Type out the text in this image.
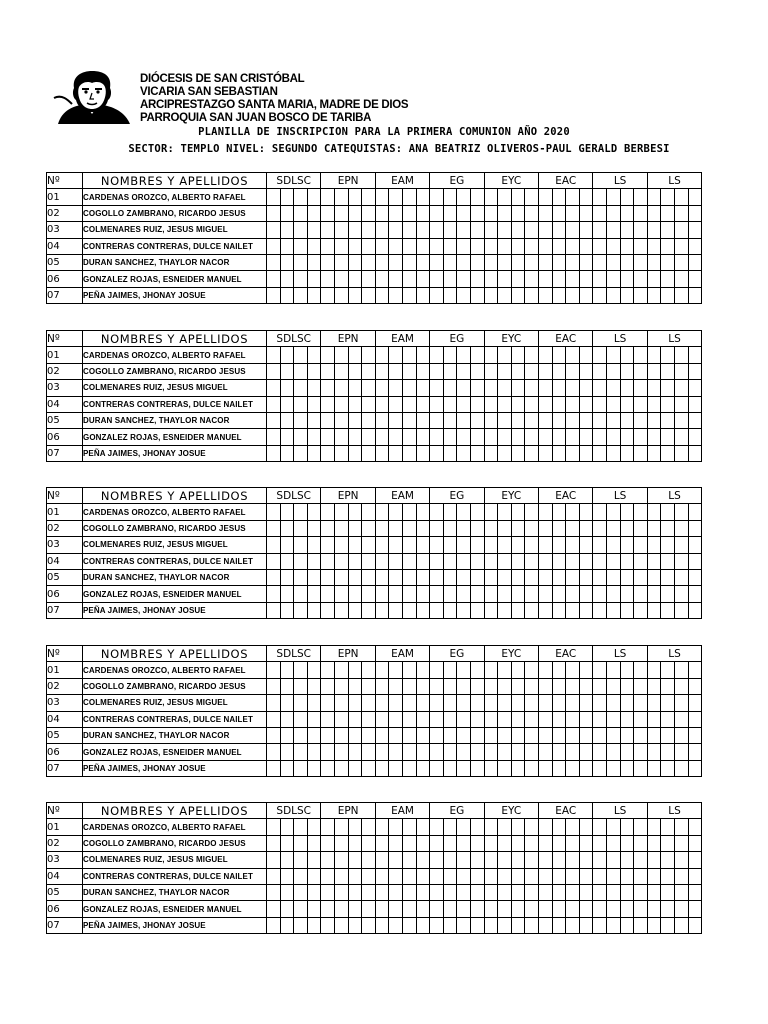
DIÓCESIS DE SAN CRISTÓBAL
VICARIA SAN SEBASTIAN
ARCIPRESTAZGO SANTA MARIA, MADRE DE DIOS
PARROQUIA SAN JUAN BOSCO DE TARIBA
PLANILLA DE INSCRIPCION PARA LA PRIMERA COMUNION AÑO 2020
SECTOR: TEMPLO NIVEL: SEGUNDO CATEQUISTAS: ANA BEATRIZ OLIVEROS-PAUL GERALD BERBESI
Nº	NOMBRES Y APELLIDOS	SDLSC				EPN				EAM				EG				EYC				EAC				LS				LS			
01	CARDENAS OROZCO, ALBERTO RAFAEL																																
02	COGOLLO ZAMBRANO, RICARDO JESUS																																
03	COLMENARES RUIZ, JESUS MIGUEL																																
04	CONTRERAS CONTRERAS, DULCE NAILET																																
05	DURAN SANCHEZ, THAYLOR NACOR																																
06	GONZALEZ ROJAS, ESNEIDER MANUEL																																
07	PEÑA JAIMES, JHONAY JOSUE																																
Nº	NOMBRES Y APELLIDOS	SDLSC				EPN				EAM				EG				EYC				EAC				LS				LS			
01	CARDENAS OROZCO, ALBERTO RAFAEL																																
02	COGOLLO ZAMBRANO, RICARDO JESUS																																
03	COLMENARES RUIZ, JESUS MIGUEL																																
04	CONTRERAS CONTRERAS, DULCE NAILET																																
05	DURAN SANCHEZ, THAYLOR NACOR																																
06	GONZALEZ ROJAS, ESNEIDER MANUEL																																
07	PEÑA JAIMES, JHONAY JOSUE																																
Nº	NOMBRES Y APELLIDOS	SDLSC				EPN				EAM				EG				EYC				EAC				LS				LS			
01	CARDENAS OROZCO, ALBERTO RAFAEL																																
02	COGOLLO ZAMBRANO, RICARDO JESUS																																
03	COLMENARES RUIZ, JESUS MIGUEL																																
04	CONTRERAS CONTRERAS, DULCE NAILET																																
05	DURAN SANCHEZ, THAYLOR NACOR																																
06	GONZALEZ ROJAS, ESNEIDER MANUEL																																
07	PEÑA JAIMES, JHONAY JOSUE																																
Nº	NOMBRES Y APELLIDOS	SDLSC				EPN				EAM				EG				EYC				EAC				LS				LS			
01	CARDENAS OROZCO, ALBERTO RAFAEL																																
02	COGOLLO ZAMBRANO, RICARDO JESUS																																
03	COLMENARES RUIZ, JESUS MIGUEL																																
04	CONTRERAS CONTRERAS, DULCE NAILET																																
05	DURAN SANCHEZ, THAYLOR NACOR																																
06	GONZALEZ ROJAS, ESNEIDER MANUEL																																
07	PEÑA JAIMES, JHONAY JOSUE																																
Nº	NOMBRES Y APELLIDOS	SDLSC				EPN				EAM				EG				EYC				EAC				LS				LS			
01	CARDENAS OROZCO, ALBERTO RAFAEL																																
02	COGOLLO ZAMBRANO, RICARDO JESUS																																
03	COLMENARES RUIZ, JESUS MIGUEL																																
04	CONTRERAS CONTRERAS, DULCE NAILET																																
05	DURAN SANCHEZ, THAYLOR NACOR																																
06	GONZALEZ ROJAS, ESNEIDER MANUEL																																
07	PEÑA JAIMES, JHONAY JOSUE																																
